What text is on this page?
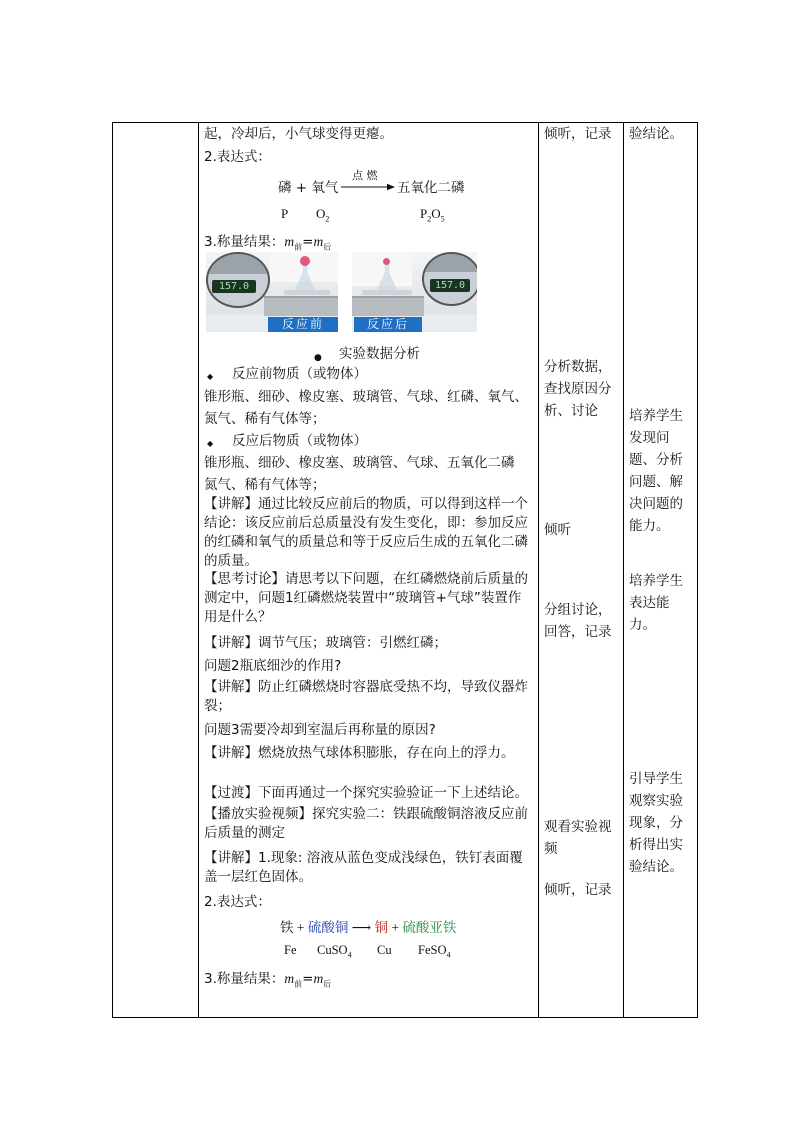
起，冷却后，小气球变得更瘪。
2.表达式：
磷 + 氧气
点 燃
→ 五氧化二磷
P $O_2$	$P_2O_5$
3.称量结果：$m_前=m_后$
157.0
反应前
157.0
反应后
● 实验数据分析
◆ 反应前物质（或物体）
锥形瓶、细砂、橡皮塞、玻璃管、气球、红磷、氧气、
氮气、稀有气体等；
◆ 反应后物质（或物体）
锥形瓶、细砂、橡皮塞、玻璃管、气球、五氧化二磷
氮气、稀有气体等；
【讲解】通过比较反应前后的物质，可以得到这样一个结论：该反应前后总质量没有发生变化，即：参加反应的红磷和氧气的质量总和等于反应后生成的五氧化二磷的质量。
【思考讨论】请思考以下问题，在红磷燃烧前后质量的测定中，问题1红磷燃烧装置中“玻璃管+气球”装置作用是什么？
【讲解】调节气压；玻璃管：引燃红磷；
问题2瓶底细沙的作用?
【讲解】防止红磷燃烧时容器底受热不均，导致仪器炸裂；
问题3需要冷却到室温后再称量的原因?
【讲解】燃烧放热气球体积膨胀，存在向上的浮力。
【过渡】下面再通过一个探究实验验证一下上述结论。
【播放实验视频】探究实验二：铁跟硫酸铜溶液反应前后质量的测定
【讲解】1.现象: 溶液从蓝色变成浅绿色，铁钉表面覆盖一层红色固体。
2.表达式：
铁 + 硫酸铜 ⟶ 铜 + 硫酸亚铁
Fe CuSO$_4$ Cu FeSO$_4$
3.称量结果：$m_前=m_后$
倾听，记录
分析数据，查找原因分析、讨论
倾听
分组讨论，回答，记录
观看实验视频
倾听，记录
验结论。
培养学生发现问题、分析问题、解决问题的能力。
培养学生表达能力。
引导学生观察实验现象，分析得出实验结论。
